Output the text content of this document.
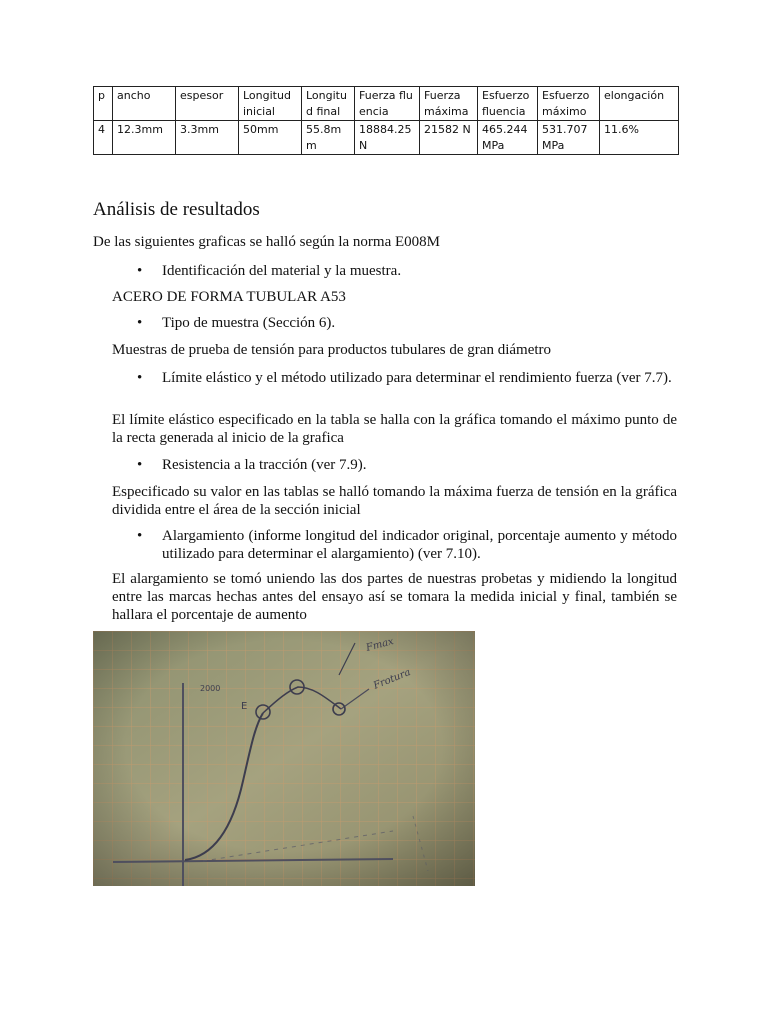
p	ancho	espesor	Longitud inicial	Longitud final	Fuerza fluencia	Fuerza máxima	Esfuerzo fluencia	Esfuerzo máximo	elongación
4	12.3mm	3.3mm	50mm	55.8mm	18884.25 N	21582 N	465.244 MPa	531.707 MPa	11.6%
Análisis de resultados

De las siguientes graficas se halló según la norma E008M

• Identificación del material y la muestra.

ACERO DE FORMA TUBULAR A53

• Tipo de muestra (Sección 6).

Muestras de prueba de tensión para productos tubulares de gran diámetro

• Límite elástico y el método utilizado para determinar el rendimiento fuerza (ver 7.7).

El límite elástico especificado en la tabla se halla con la gráfica tomando el máximo punto de la recta generada al inicio de la grafica

• Resistencia a la tracción (ver 7.9).

Especificado su valor en las tablas se halló tomando la máxima fuerza de tensión en la gráfica dividida entre el área de la sección inicial

• Alargamiento (informe longitud del indicador original, porcentaje aumento y método utilizado para determinar el alargamiento) (ver 7.10).

El alargamiento se tomó uniendo las dos partes de nuestras probetas y midiendo la longitud entre las marcas hechas antes del ensayo así se tomara la medida inicial y final, también se hallara el porcentaje de aumento

E
2000
Fmax
Frotura
